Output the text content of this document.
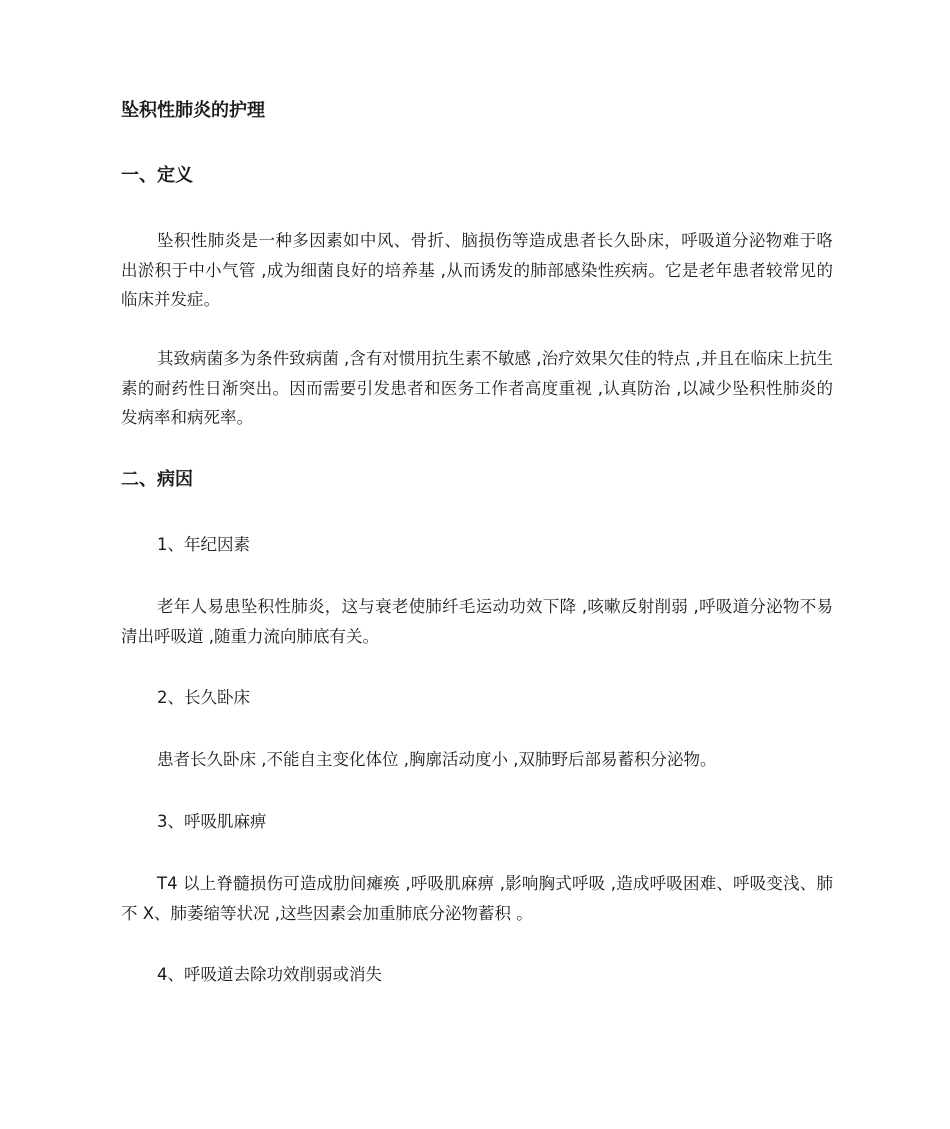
坠积性肺炎的护理
一、定义

坠积性肺炎是一种多因素如中风、骨折、脑损伤等造成患者长久卧床，呼吸道分泌物难于咯出淤积于中小气管 ,成为细菌良好的培养基 ,从而诱发的肺部感染性疾病。它是老年患者较常见的临床并发症。

其致病菌多为条件致病菌 ,含有对惯用抗生素不敏感 ,治疗效果欠佳的特点 ,并且在临床上抗生素的耐药性日渐突出。因而需要引发患者和医务工作者高度重视 ,认真防治 ,以减少坠积性肺炎的发病率和病死率。

二、病因

1、年纪因素

老年人易患坠积性肺炎，这与衰老使肺纤毛运动功效下降 ,咳嗽反射削弱 ,呼吸道分泌物不易清出呼吸道 ,随重力流向肺底有关。

2、长久卧床

患者长久卧床 ,不能自主变化体位 ,胸廓活动度小 ,双肺野后部易蓄积分泌物。

3、呼吸肌麻痹

T4 以上脊髓损伤可造成肋间瘫痪 ,呼吸肌麻痹 ,影响胸式呼吸 ,造成呼吸困难、呼吸变浅、肺不 X、肺萎缩等状况 ,这些因素会加重肺底分泌物蓄积 。

4、呼吸道去除功效削弱或消失
